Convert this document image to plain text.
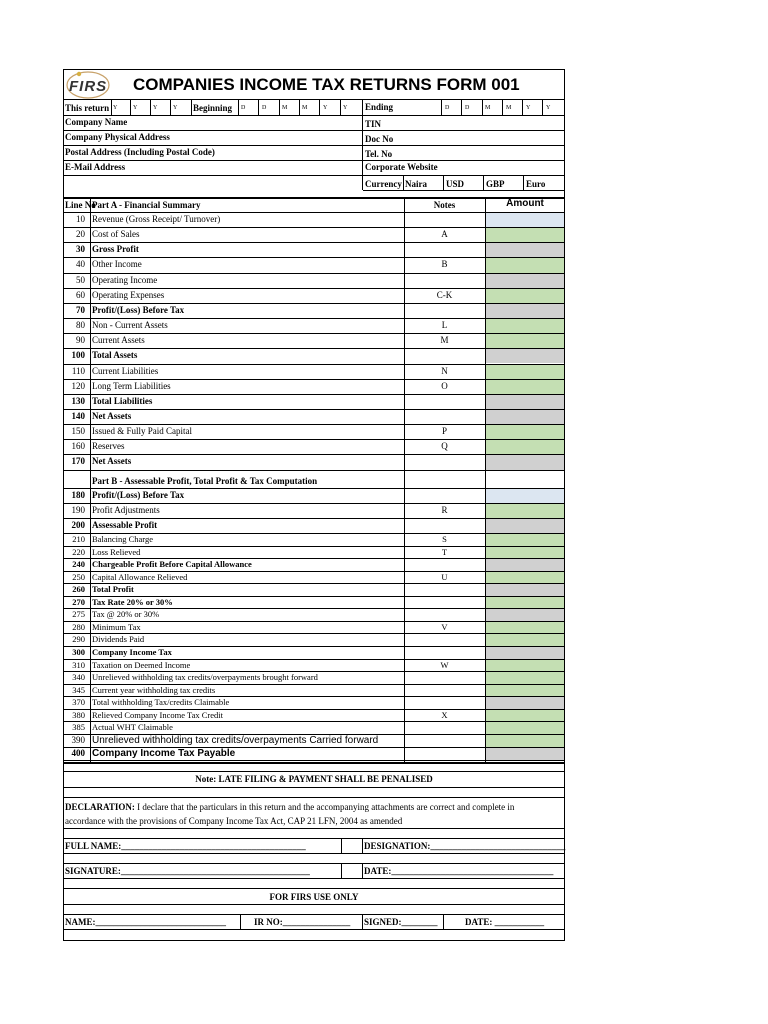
FIRS COMPANIES INCOME TAX RETURNS FORM 001
This return Y	Y	Y	Y Beginning D	D	M M	Y	Y Ending	D	D	M	M Y	Y
Company Name	TIN
Company Physical Address	Doc No
Postal Address (Including Postal Code)	Tel. No
E-Mail Address	Corporate Website
Currency Naira USD GBP Euro
Line No
Part A - Financial Summary	Notes	Amount
10 Revenue (Gross Receipt/ Turnover)
20 Cost of Sales	A
30 Gross Profit
40 Other Income	B
50 Operating Income
60 Operating Expenses	C-K
70 Profit/(Loss) Before Tax
80 Non - Current Assets	L
90 Current Assets	M
100 Total Assets
110 Current Liabilities	N
120 Long Term Liabilities	O
130 Total Liabilities
140 Net Assets
150 Issued & Fully Paid Capital	P
160 Reserves	Q
170 Net Assets
Part B - Assessable Profit, Total Profit & Tax Computation
180 Profit/(Loss) Before Tax
190 Profit Adjustments	R
200 Assessable Profit
210 Balancing Charge	S
220 Loss Relieved	T
240 Chargeable Profit Before Capital Allowance
250 Capital Allowance Relieved	U
260 Total Profit
270 Tax Rate 20% or 30%
275 Tax @ 20% or 30%
280 Minimum Tax	V
290 Dividends Paid
300 Company Income Tax
310 Taxation on Deemed Income	W
340 Unrelieved withholding tax credits/overpayments brought forward
345 Current year withholding tax credits
370 Total withholding Tax/credits Claimable
380 Relieved Company Income Tax Credit	X
385 Actual WHT Claimable
390 Unrelieved withholding tax credits/overpayments Carried forward
400 Company Income Tax Payable
Note: LATE FILING & PAYMENT SHALL BE PENALISED
DECLARATION: I declare that the particulars in this return and the accompanying attachments are correct and complete in
accordance with the provisions of Company Income Tax Act, CAP 21 LFN, 2004 as amended
FULL NAME:_________________________________________	DESIGNATION:______________________________
SIGNATURE:__________________________________________	DATE:____________________________________
FOR FIRS USE ONLY
NAME:_____________________________	IR NO:_______________	SIGNED:________	DATE: ___________
